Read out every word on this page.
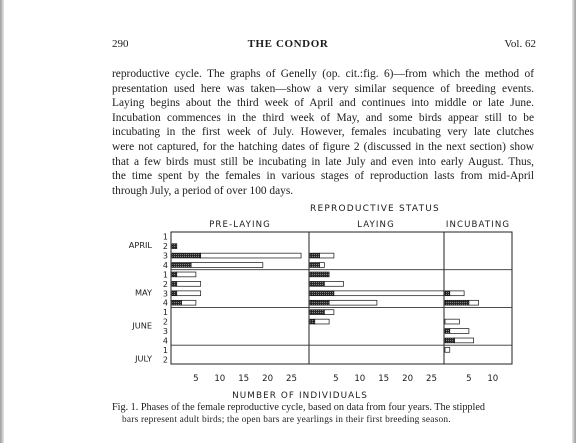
290	THE CONDOR	Vol. 62

reproductive cycle. The graphs of Genelly (op. cit.:fig. 6)—from which the method of

presentation used here was taken—show a very similar sequence of breeding events.

Laying begins about the third week of April and continues into middle or late June.

Incubation commences in the third week of May, and some birds appear still to be

incubating in the first week of July. However, females incubating very late clutches

were not captured, for the hatching dates of figure 2 (discussed in the next section) show

that a few birds must still be incubating in late July and even into early August. Thus,

the time spent by the females in various stages of reproduction lasts from mid-April

through July, a period of over 100 days.

REPRODUCTIVE STATUS
PRE-LAYING	LAYING	INCUBATING
APRIL
1
2
3
4
MAY
1
2
3
4
JUNE
1
2
3
4
JULY
1
2
5 10 15 20 25	5 10 15 20 25	5 10
NUMBER OF INDIVIDUALS

Fig. 1. Phases of the female reproductive cycle, based on data from four years. The stippled

bars represent adult birds; the open bars are yearlings in their first breeding season.
